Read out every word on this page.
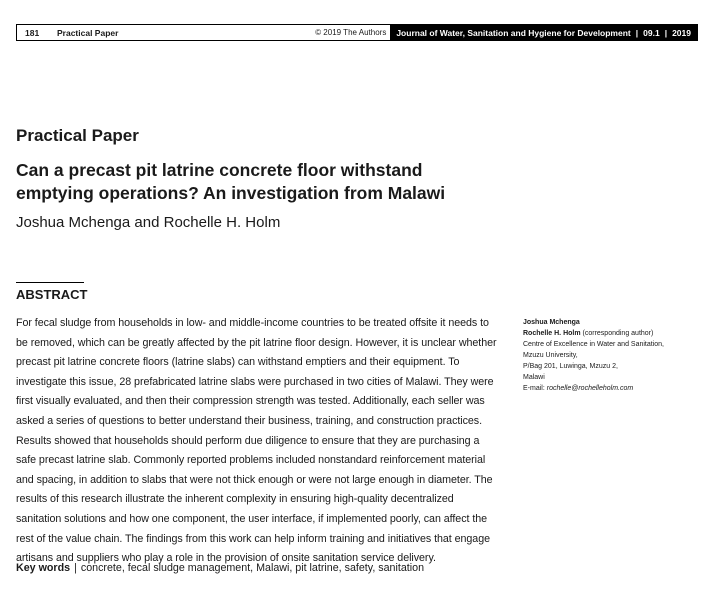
181	Practical Paper	© 2019 The Authors Journal of Water, Sanitation and Hygiene for Development | 09.1 | 2019
Practical Paper
Can a precast pit latrine concrete floor withstand
emptying operations? An investigation from Malawi
Joshua Mchenga and Rochelle H. Holm
ABSTRACT

For fecal sludge from households in low- and middle-income countries to be treated offsite it needs to
be removed, which can be greatly affected by the pit latrine floor design. However, it is unclear whether
precast pit latrine concrete floors (latrine slabs) can withstand emptiers and their equipment. To
investigate this issue, 28 prefabricated latrine slabs were purchased in two cities of Malawi. They were
first visually evaluated, and then their compression strength was tested. Additionally, each seller was
asked a series of questions to better understand their business, training, and construction practices.
Results showed that households should perform due diligence to ensure that they are purchasing a
safe precast latrine slab. Commonly reported problems included nonstandard reinforcement material
and spacing, in addition to slabs that were not thick enough or were not large enough in diameter. The
results of this research illustrate the inherent complexity in ensuring high-quality decentralized
sanitation solutions and how one component, the user interface, if implemented poorly, can affect the
rest of the value chain. The findings from this work can help inform training and initiatives that engage
artisans and suppliers who play a role in the provision of onsite sanitation service delivery.

Key words | concrete, fecal sludge management, Malawi, pit latrine, safety, sanitation
Joshua Mchenga
Rochelle H. Holm (corresponding author)
Centre of Excellence in Water and Sanitation,
Mzuzu University,
P/Bag 201, Luwinga, Mzuzu 2,
Malawi
E-mail: rochelle@rochelleholm.com
